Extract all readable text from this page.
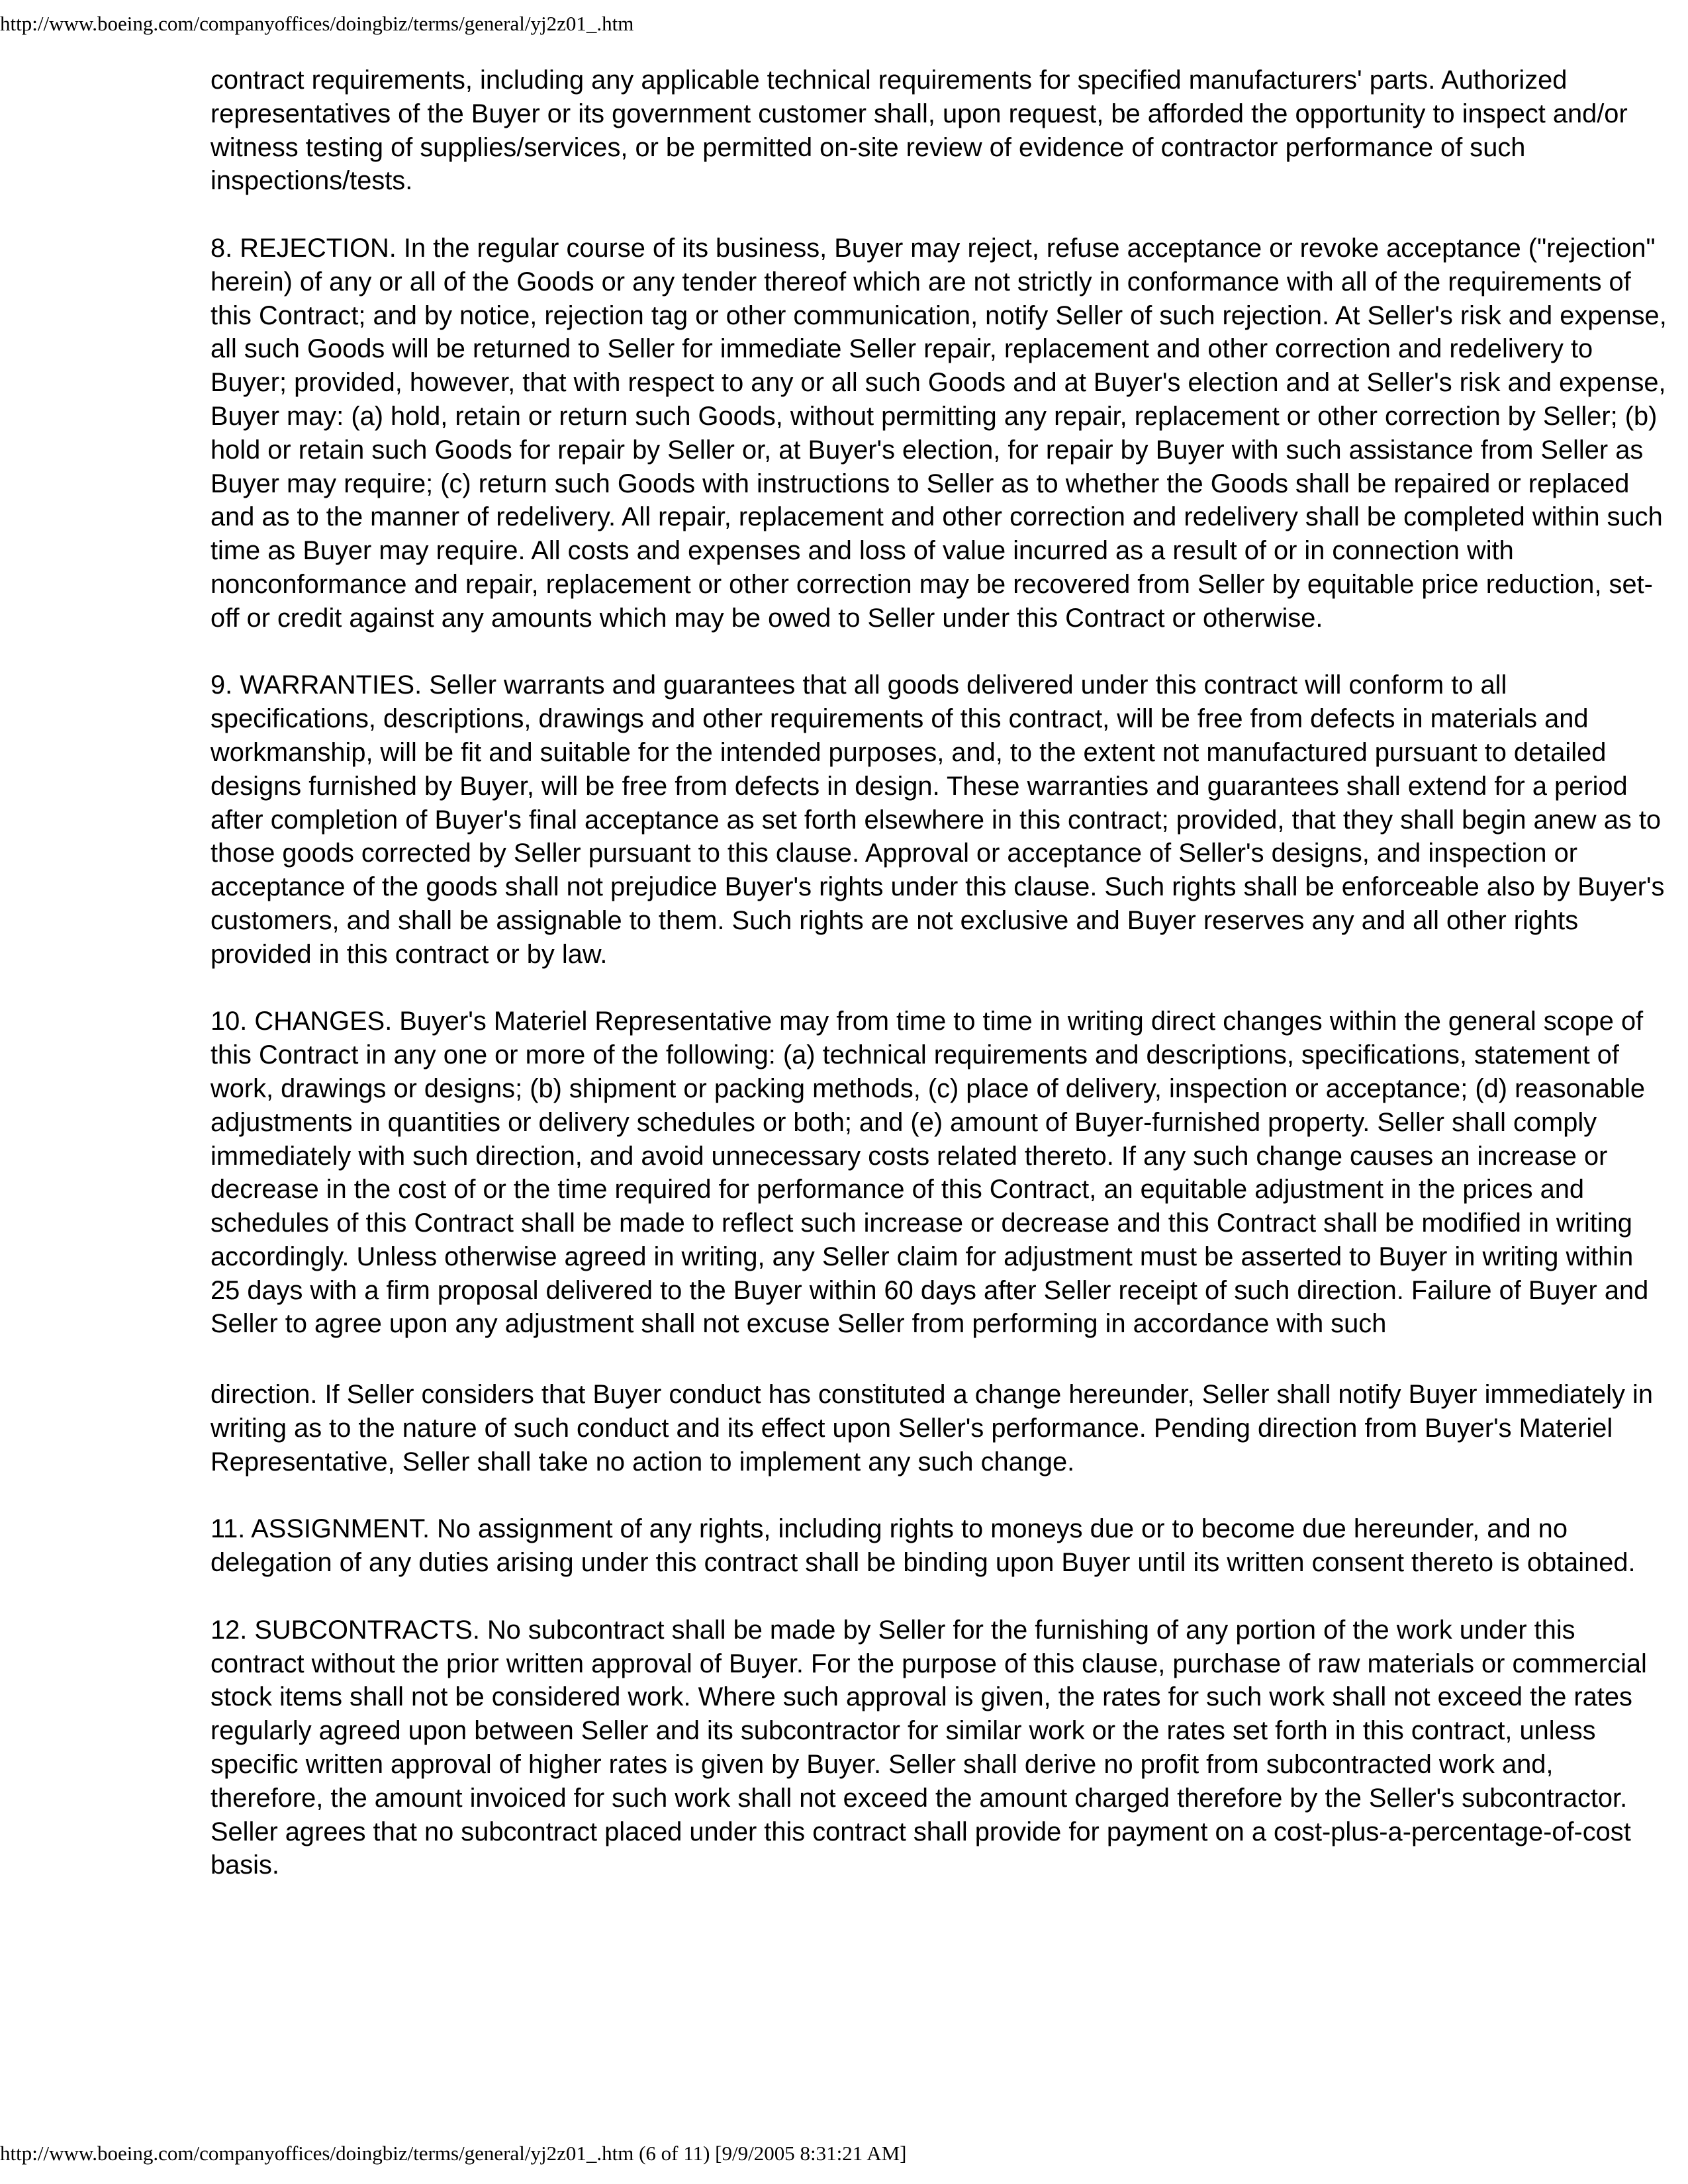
http://www.boeing.com/companyoffices/doingbiz/terms/general/yj2z01_.htm

contract requirements, including any applicable technical requirements for specified manufacturers' parts. Authorized representatives of the Buyer or its government customer shall, upon request, be afforded the opportunity to inspect and/or witness testing of supplies/services, or be permitted on-site review of evidence of contractor performance of such inspections/tests.

8. REJECTION. In the regular course of its business, Buyer may reject, refuse acceptance or revoke acceptance ("rejection" herein) of any or all of the Goods or any tender thereof which are not strictly in conformance with all of the requirements of this Contract; and by notice, rejection tag or other communication, notify Seller of such rejection. At Seller's risk and expense, all such Goods will be returned to Seller for immediate Seller repair, replacement and other correction and redelivery to Buyer; provided, however, that with respect to any or all such Goods and at Buyer's election and at Seller's risk and expense, Buyer may: (a) hold, retain or return such Goods, without permitting any repair, replacement or other correction by Seller; (b) hold or retain such Goods for repair by Seller or, at Buyer's election, for repair by Buyer with such assistance from Seller as Buyer may require; (c) return such Goods with instructions to Seller as to whether the Goods shall be repaired or replaced and as to the manner of redelivery. All repair, replacement and other correction and redelivery shall be completed within such time as Buyer may require. All costs and expenses and loss of value incurred as a result of or in connection with nonconformance and repair, replacement or other correction may be recovered from Seller by equitable price reduction, set-off or credit against any amounts which may be owed to Seller under this Contract or otherwise.

9. WARRANTIES. Seller warrants and guarantees that all goods delivered under this contract will conform to all specifications, descriptions, drawings and other requirements of this contract, will be free from defects in materials and workmanship, will be fit and suitable for the intended purposes, and, to the extent not manufactured pursuant to detailed designs furnished by Buyer, will be free from defects in design. These warranties and guarantees shall extend for a period after completion of Buyer's final acceptance as set forth elsewhere in this contract; provided, that they shall begin anew as to those goods corrected by Seller pursuant to this clause. Approval or acceptance of Seller's designs, and inspection or acceptance of the goods shall not prejudice Buyer's rights under this clause. Such rights shall be enforceable also by Buyer's customers, and shall be assignable to them. Such rights are not exclusive and Buyer reserves any and all other rights provided in this contract or by law.

10. CHANGES. Buyer's Materiel Representative may from time to time in writing direct changes within the general scope of this Contract in any one or more of the following: (a) technical requirements and descriptions, specifications, statement of work, drawings or designs; (b) shipment or packing methods, (c) place of delivery, inspection or acceptance; (d) reasonable adjustments in quantities or delivery schedules or both; and (e) amount of Buyer-furnished property. Seller shall comply immediately with such direction, and avoid unnecessary costs related thereto. If any such change causes an increase or decrease in the cost of or the time required for performance of this Contract, an equitable adjustment in the prices and schedules of this Contract shall be made to reflect such increase or decrease and this Contract shall be modified in writing accordingly. Unless otherwise agreed in writing, any Seller claim for adjustment must be asserted to Buyer in writing within 25 days with a firm proposal delivered to the Buyer within 60 days after Seller receipt of such direction. Failure of Buyer and Seller to agree upon any adjustment shall not excuse Seller from performing in accordance with such

direction. If Seller considers that Buyer conduct has constituted a change hereunder, Seller shall notify Buyer immediately in writing as to the nature of such conduct and its effect upon Seller's performance. Pending direction from Buyer's Materiel Representative, Seller shall take no action to implement any such change.

11. ASSIGNMENT. No assignment of any rights, including rights to moneys due or to become due hereunder, and no delegation of any duties arising under this contract shall be binding upon Buyer until its written consent thereto is obtained.

12. SUBCONTRACTS. No subcontract shall be made by Seller for the furnishing of any portion of the work under this contract without the prior written approval of Buyer. For the purpose of this clause, purchase of raw materials or commercial stock items shall not be considered work. Where such approval is given, the rates for such work shall not exceed the rates regularly agreed upon between Seller and its subcontractor for similar work or the rates set forth in this contract, unless specific written approval of higher rates is given by Buyer. Seller shall derive no profit from subcontracted work and, therefore, the amount invoiced for such work shall not exceed the amount charged therefore by the Seller's subcontractor. Seller agrees that no subcontract placed under this contract shall provide for payment on a cost-plus-a-percentage-of-cost basis.

http://www.boeing.com/companyoffices/doingbiz/terms/general/yj2z01_.htm (6 of 11) [9/9/2005 8:31:21 AM]
